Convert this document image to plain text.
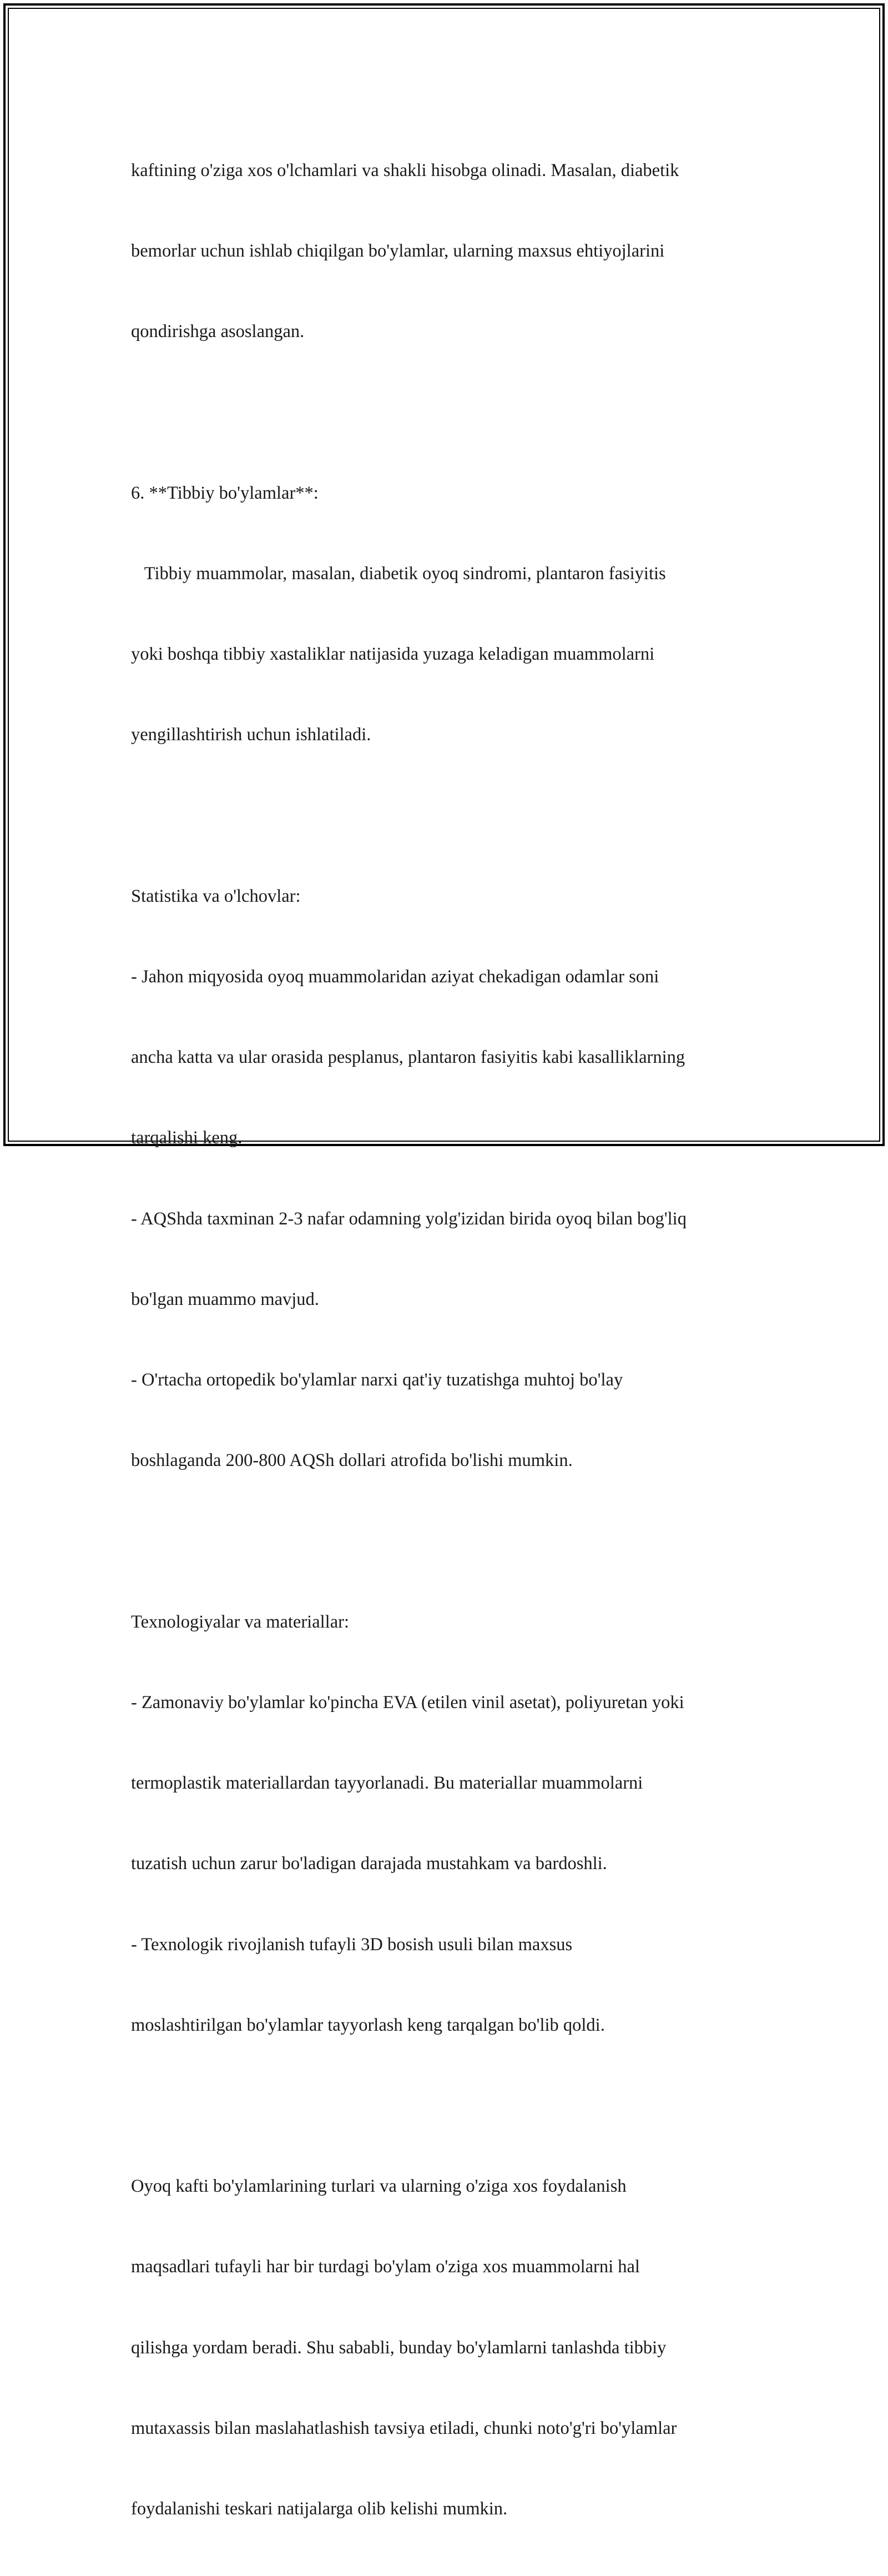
kaftining o'ziga xos o'lchamlari va shakli hisobga olinadi. Masalan, diabetik

bemorlar uchun ishlab chiqilgan bo'ylamlar, ularning maxsus ehtiyojlarini

qondirishga asoslangan.

6. **Tibbiy bo'ylamlar**:

Tibbiy muammolar, masalan, diabetik oyoq sindromi, plantaron fasiyitis

yoki boshqa tibbiy xastaliklar natijasida yuzaga keladigan muammolarni

yengillashtirish uchun ishlatiladi.

Statistika va o'lchovlar:

- Jahon miqyosida oyoq muammolaridan aziyat chekadigan odamlar soni

ancha katta va ular orasida pesplanus, plantaron fasiyitis kabi kasalliklarning

tarqalishi keng.

- AQShda taxminan 2-3 nafar odamning yolg'izidan birida oyoq bilan bog'liq

bo'lgan muammo mavjud.

- O'rtacha ortopedik bo'ylamlar narxi qat'iy tuzatishga muhtoj bo'lay

boshlaganda 200-800 AQSh dollari atrofida bo'lishi mumkin.

Texnologiyalar va materiallar:

- Zamonaviy bo'ylamlar ko'pincha EVA (etilen vinil asetat), poliyuretan yoki

termoplastik materiallardan tayyorlanadi. Bu materiallar muammolarni

tuzatish uchun zarur bo'ladigan darajada mustahkam va bardoshli.

- Texnologik rivojlanish tufayli 3D bosish usuli bilan maxsus

moslashtirilgan bo'ylamlar tayyorlash keng tarqalgan bo'lib qoldi.

Oyoq kafti bo'ylamlarining turlari va ularning o'ziga xos foydalanish

maqsadlari tufayli har bir turdagi bo'ylam o'ziga xos muammolarni hal

qilishga yordam beradi. Shu sababli, bunday bo'ylamlarni tanlashda tibbiy

mutaxassis bilan maslahatlashish tavsiya etiladi, chunki noto'g'ri bo'ylamlar

foydalanishi teskari natijalarga olib kelishi mumkin.
